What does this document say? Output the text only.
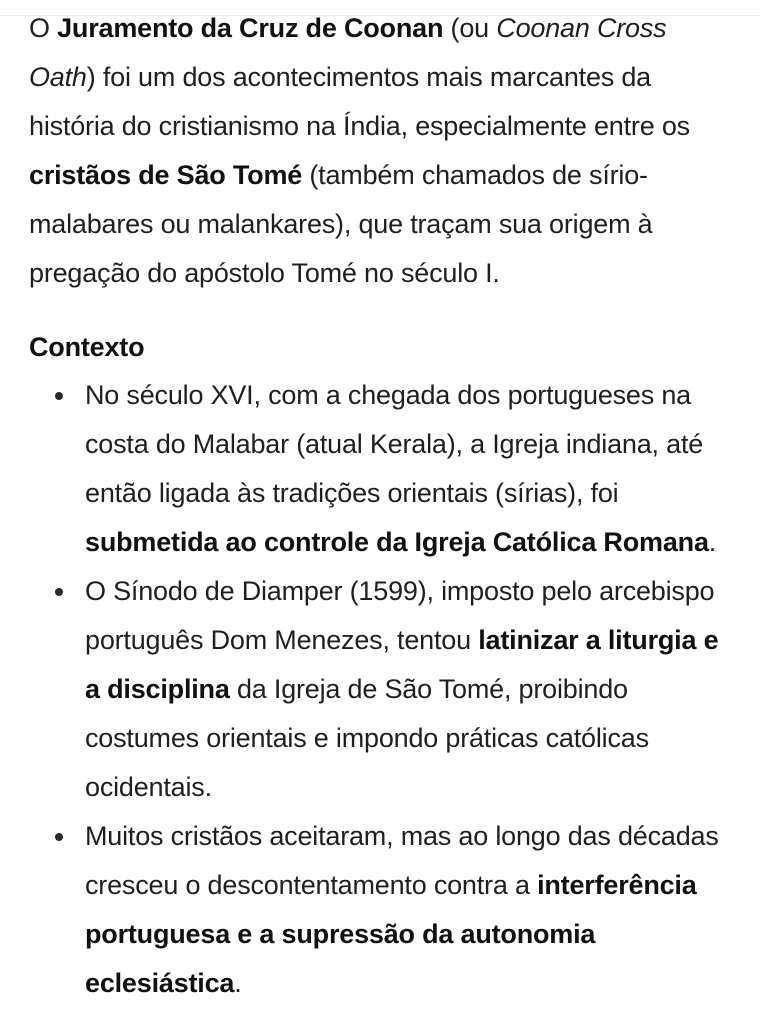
O Juramento da Cruz de Coonan (ou Coonan Cross Oath) foi um dos acontecimentos mais marcantes da história do cristianismo na Índia, especialmente entre os cristãos de São Tomé (também chamados de sírio-malabares ou malankares), que traçam sua origem à pregação do apóstolo Tomé no século I.

Contexto
No século XVI, com a chegada dos portugueses na costa do Malabar (atual Kerala), a Igreja indiana, até então ligada às tradições orientais (sírias), foi submetida ao controle da Igreja Católica Romana.
O Sínodo de Diamper (1599), imposto pelo arcebispo português Dom Menezes, tentou latinizar a liturgia e a disciplina da Igreja de São Tomé, proibindo costumes orientais e impondo práticas católicas ocidentais.
Muitos cristãos aceitaram, mas ao longo das décadas cresceu o descontentamento contra a interferência portuguesa e a supressão da autonomia eclesiástica.
